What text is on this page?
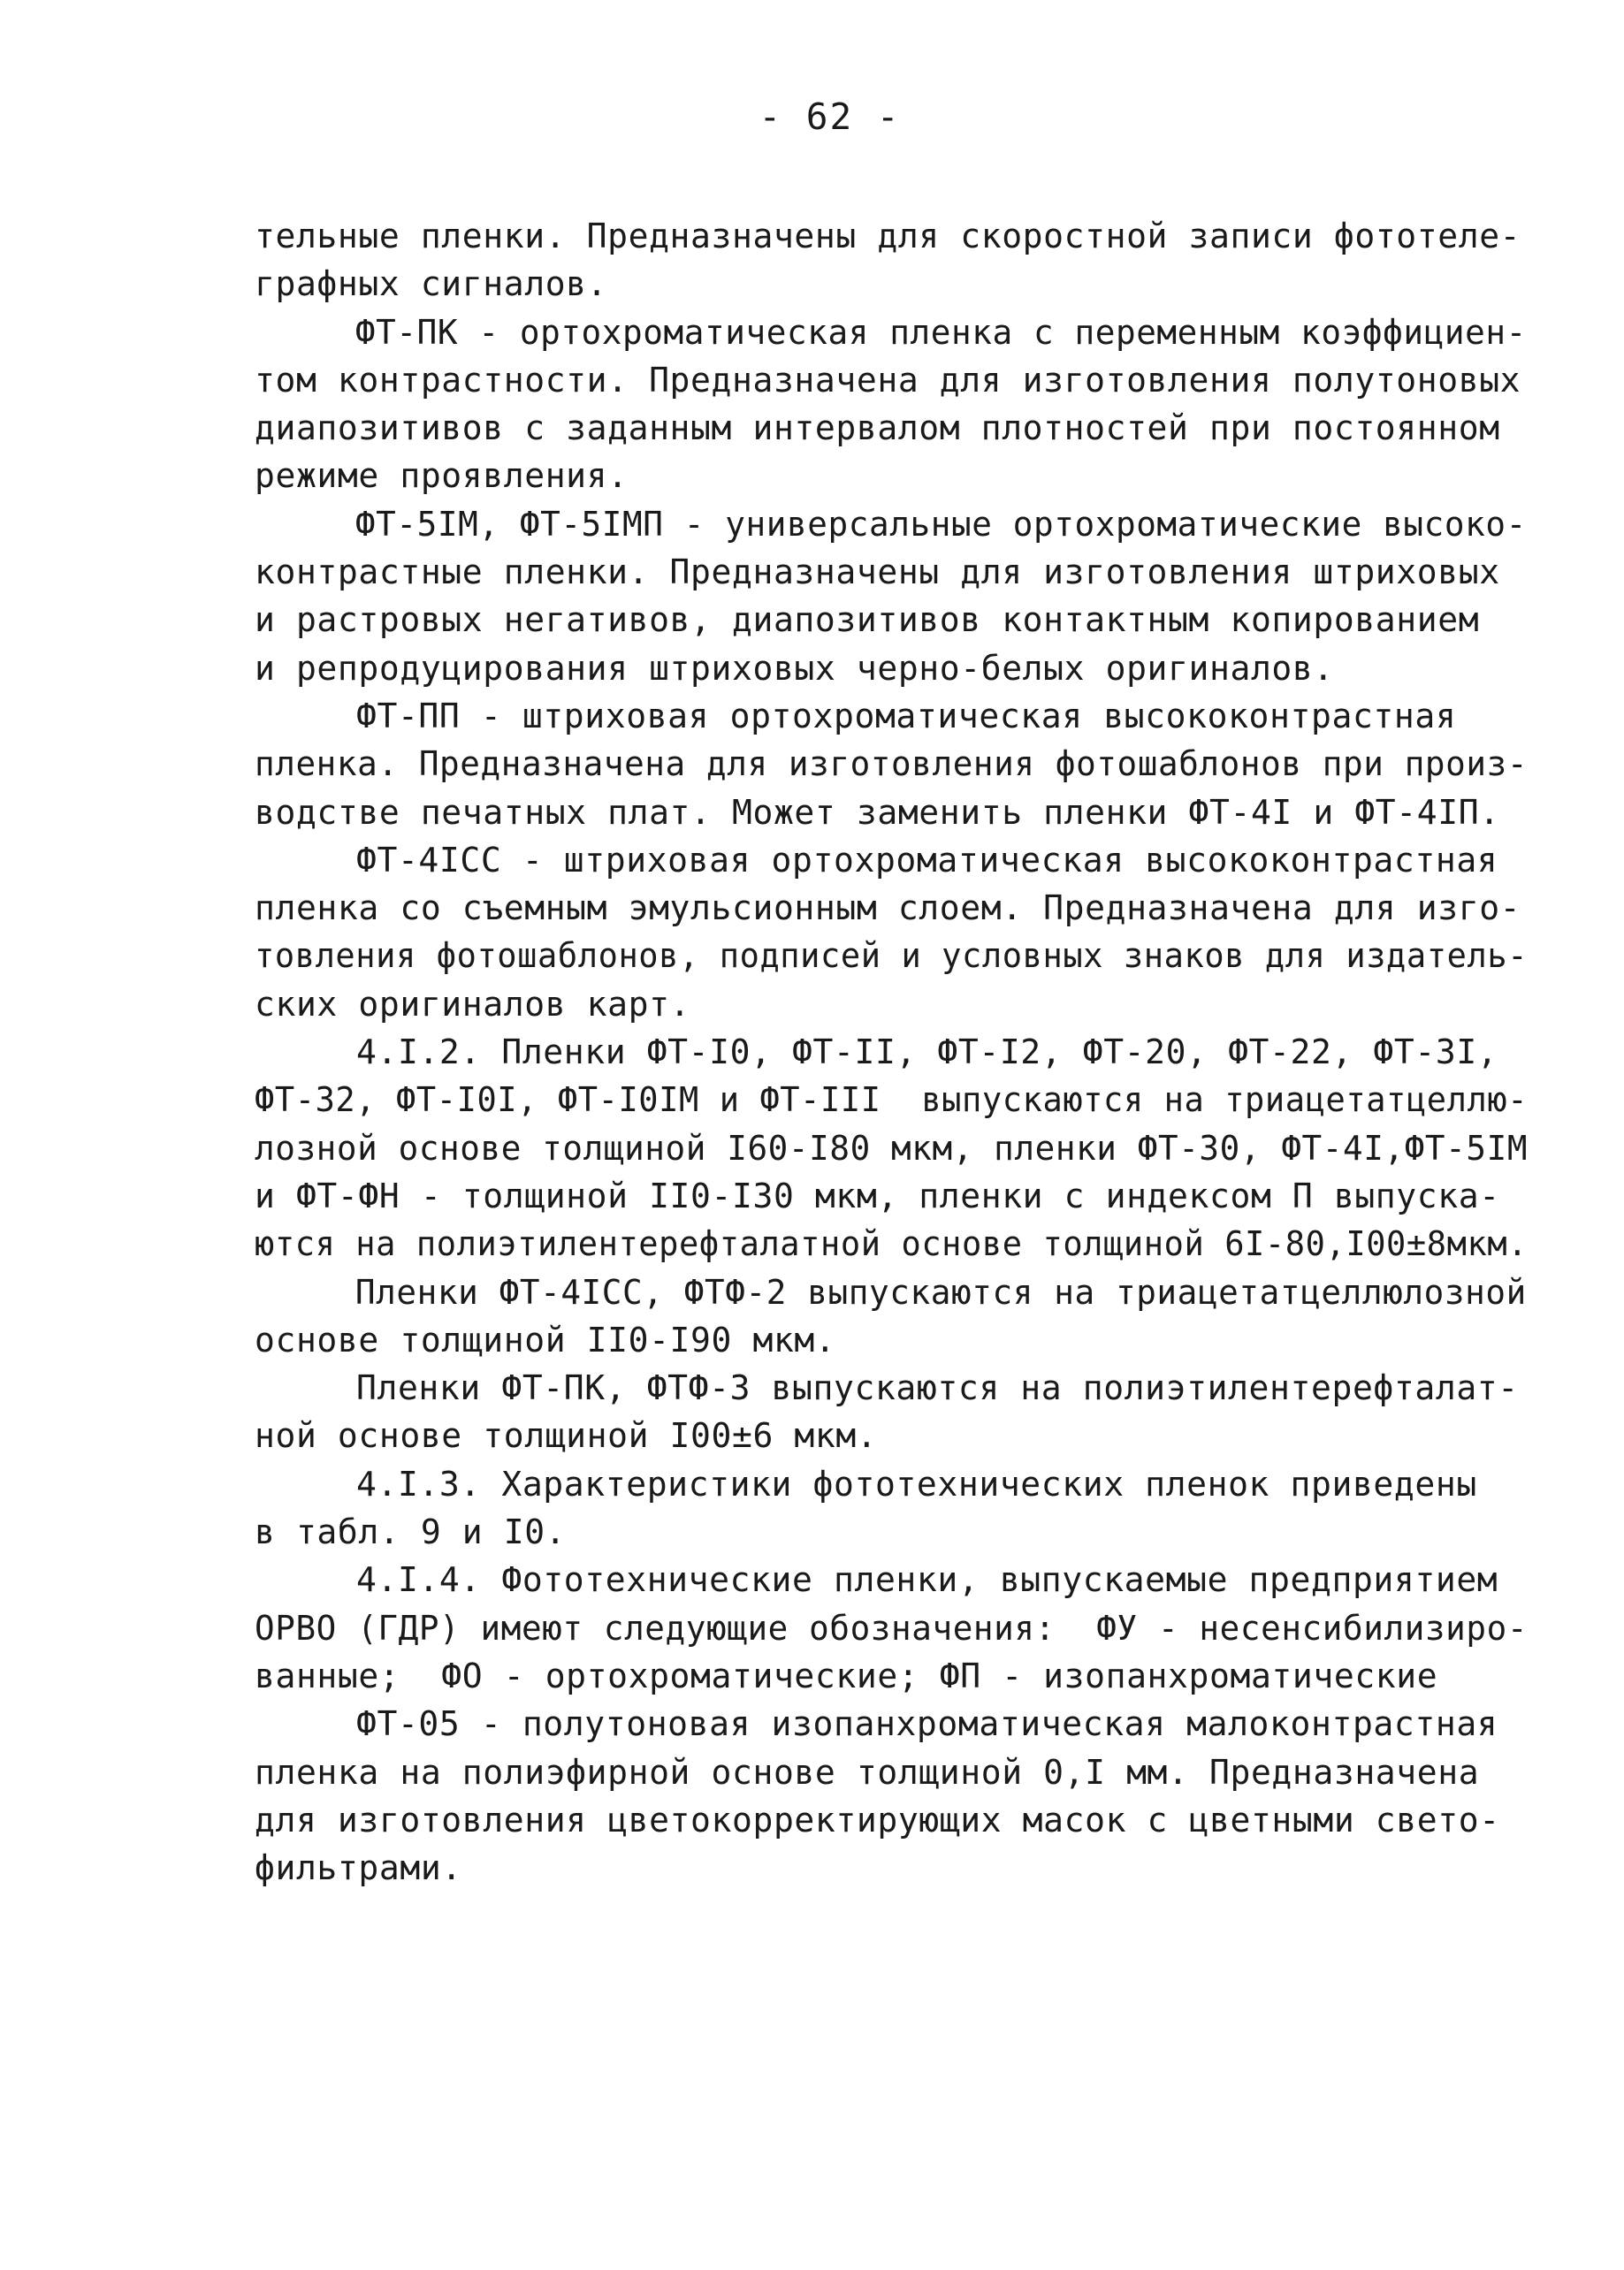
- 62 -
тельные пленки. Предназначены для скоростной записи фототеле-
графных сигналов.
ФТ-ПК - ортохроматическая пленка с переменным коэффициен-
том контрастности. Предназначена для изготовления полутоновых
диапозитивов с заданным интервалом плотностей при постоянном
режиме проявления.
ФТ-5IМ, ФТ-5IМП - универсальные ортохроматические высоко-
контрастные пленки. Предназначены для изготовления штриховых
и растровых негативов, диапозитивов контактным копированием
и репродуцирования штриховых черно-белых оригиналов.
ФТ-ПП - штриховая ортохроматическая высококонтрастная
пленка. Предназначена для изготовления фотошаблонов при произ-
водстве печатных плат. Может заменить пленки ФТ-4I и ФТ-4IП.
ФТ-4IСС - штриховая ортохроматическая высококонтрастная
пленка со съемным эмульсионным слоем. Предназначена для изго-
товления фотошаблонов, подписей и условных знаков для издатель-
ских оригиналов карт.
4.I.2. Пленки ФТ-I0, ФТ-II, ФТ-I2, ФТ-20, ФТ-22, ФТ-3I,
ФТ-32, ФТ-I0I, ФТ-I0IМ и ФТ-III  выпускаются на триацетатцеллю-
лозной основе толщиной I60-I80 мкм, пленки ФТ-30, ФТ-4I,ФТ-5IМ
и ФТ-ФН - толщиной II0-I30 мкм, пленки с индексом П выпуска-
ются на полиэтилентерефталатной основе толщиной 6I-80,I00±8мкм.
Пленки ФТ-4IСС, ФТФ-2 выпускаются на триацетатцеллюлозной
основе толщиной II0-I90 мкм.
Пленки ФТ-ПК, ФТФ-3 выпускаются на полиэтилентерефталат-
ной основе толщиной I00±6 мкм.
4.I.3. Характеристики фототехнических пленок приведены
в табл. 9 и I0.
4.I.4. Фототехнические пленки, выпускаемые предприятием
ОРВО (ГДР) имеют следующие обозначения:  ФУ - несенсибилизиро-
ванные;  ФО - ортохроматические; ФП - изопанхроматические
ФТ-05 - полутоновая изопанхроматическая малоконтрастная
пленка на полиэфирной основе толщиной 0,I мм. Предназначена
для изготовления цветокорректирующих масок с цветными свето-
фильтрами.
